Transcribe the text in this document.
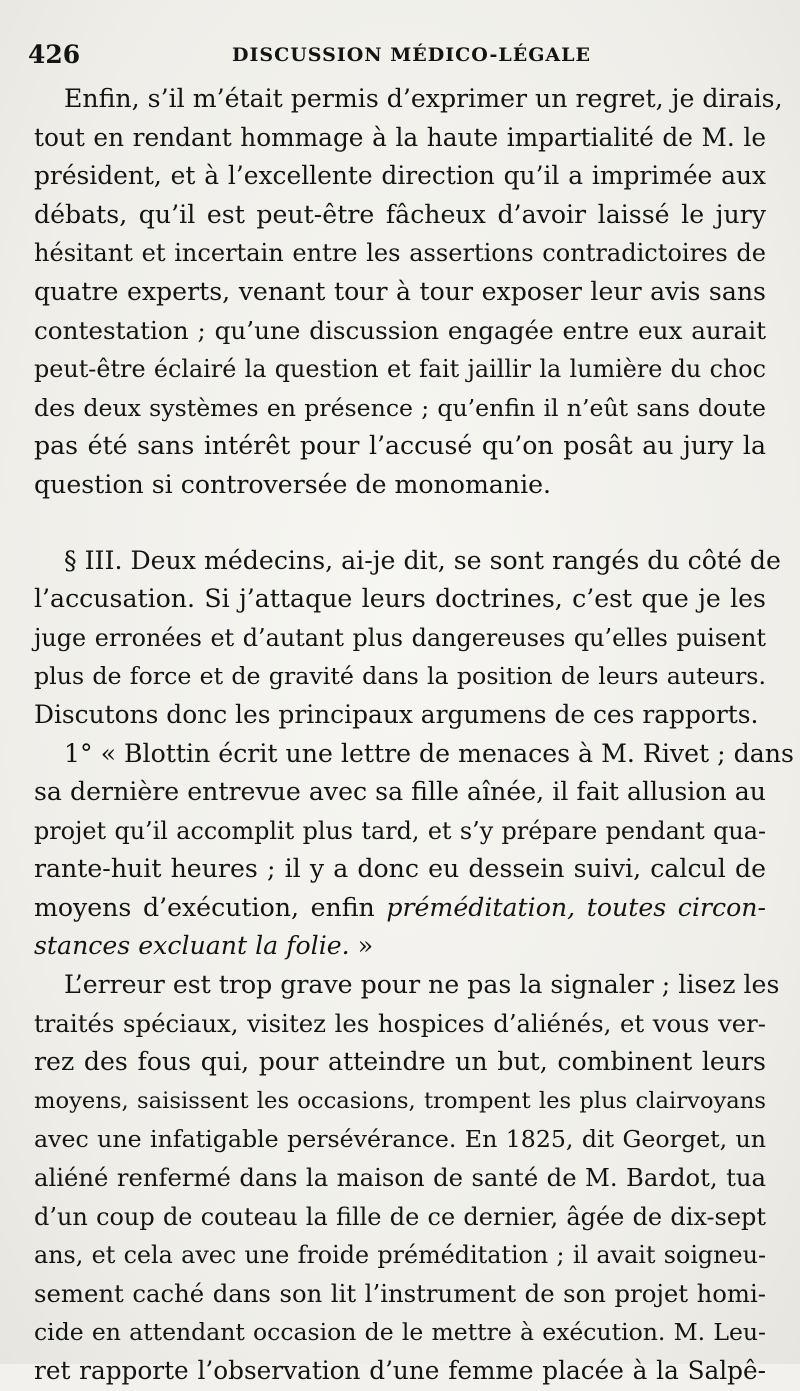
426	DISCUSSION MÉDICO-LÉGALE
Enfin, s’il m’était permis d’exprimer un regret, je dirais,
tout en rendant hommage à la haute impartialité de M. le
président, et à l’excellente direction qu’il a imprimée aux
débats, qu’il est peut-être fâcheux d’avoir laissé le jury
hésitant et incertain entre les assertions contradictoires de
quatre experts, venant tour à tour exposer leur avis sans
contestation ; qu’une discussion engagée entre eux aurait
peut-être éclairé la question et fait jaillir la lumière du choc
des deux systèmes en présence ; qu’enfin il n’eût sans doute
pas été sans intérêt pour l’accusé qu’on posât au jury la
question si controversée de monomanie.
§ III. Deux médecins, ai-je dit, se sont rangés du côté de
l’accusation. Si j’attaque leurs doctrines, c’est que je les
juge erronées et d’autant plus dangereuses qu’elles puisent
plus de force et de gravité dans la position de leurs auteurs.
Discutons donc les principaux argumens de ces rapports.
1° « Blottin écrit une lettre de menaces à M. Rivet ; dans
sa dernière entrevue avec sa fille aînée, il fait allusion au
projet qu’il accomplit plus tard, et s’y prépare pendant qua-
rante-huit heures ; il y a donc eu dessein suivi, calcul de
moyens d’exécution, enfin préméditation, toutes circon-
stances excluant la folie. »
L’erreur est trop grave pour ne pas la signaler ; lisez les
traités spéciaux, visitez les hospices d’aliénés, et vous ver-
rez des fous qui, pour atteindre un but, combinent leurs
moyens, saisissent les occasions, trompent les plus clairvoyans
avec une infatigable persévérance. En 1825, dit Georget, un
aliéné renfermé dans la maison de santé de M. Bardot, tua
d’un coup de couteau la fille de ce dernier, âgée de dix-sept
ans, et cela avec une froide préméditation ; il avait soigneu-
sement caché dans son lit l’instrument de son projet homi-
cide en attendant occasion de le mettre à exécution. M. Leu-
ret rapporte l’observation d’une femme placée à la Salpê-
